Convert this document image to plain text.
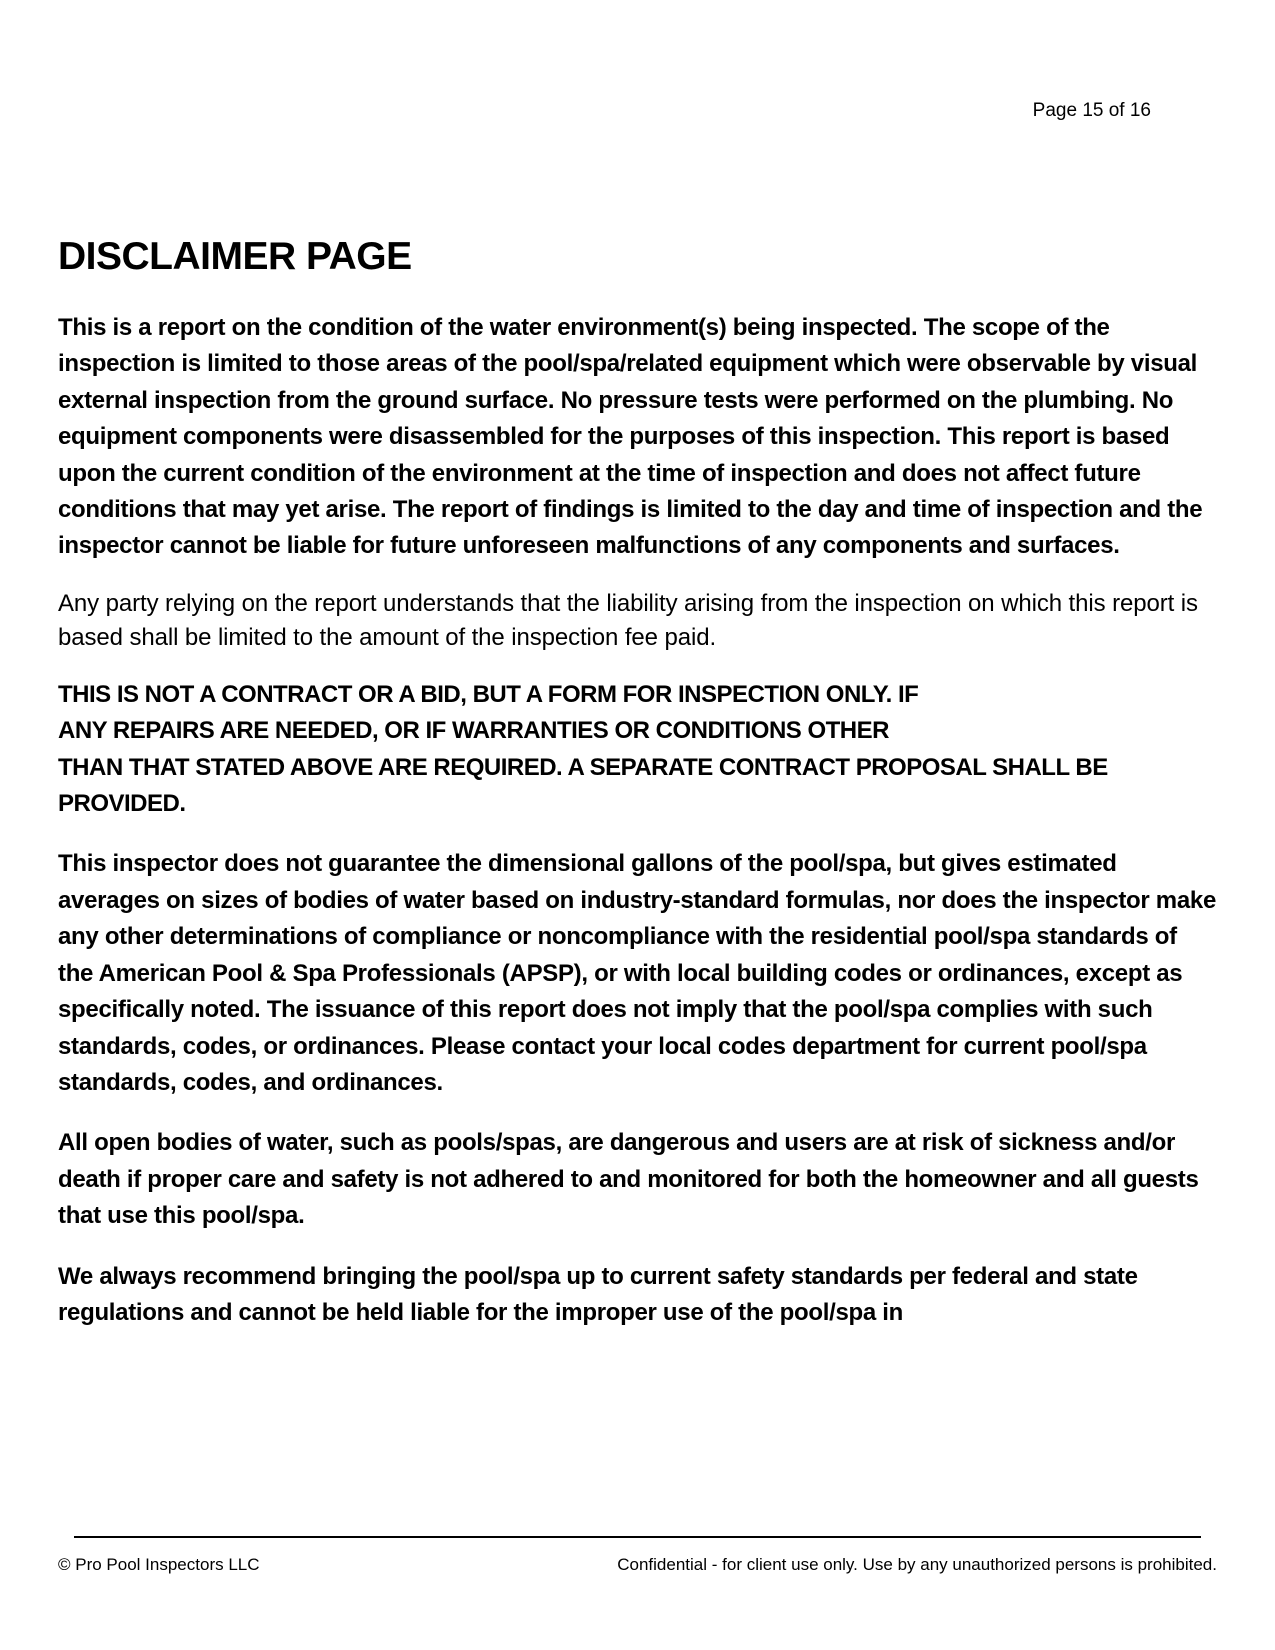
Page 15 of 16
DISCLAIMER PAGE

This is a report on the condition of the water environment(s) being inspected. The scope of the inspection is limited to those areas of the pool/spa/related equipment which were observable by visual external inspection from the ground surface. No pressure tests were performed on the plumbing. No equipment components were disassembled for the purposes of this inspection. This report is based upon the current condition of the environment at the time of inspection and does not affect future conditions that may yet arise. The report of findings is limited to the day and time of inspection and the inspector cannot be liable for future unforeseen malfunctions of any components and surfaces.

Any party relying on the report understands that the liability arising from the inspection on which this report is based shall be limited to the amount of the inspection fee paid.

THIS IS NOT A CONTRACT OR A BID, BUT A FORM FOR INSPECTION ONLY. IF
ANY REPAIRS ARE NEEDED, OR IF WARRANTIES OR CONDITIONS OTHER
THAN THAT STATED ABOVE ARE REQUIRED. A SEPARATE CONTRACT PROPOSAL SHALL BE
PROVIDED.

This inspector does not guarantee the dimensional gallons of the pool/spa, but gives estimated averages on sizes of bodies of water based on industry-standard formulas, nor does the inspector make any other determinations of compliance or noncompliance with the residential pool/spa standards of the American Pool & Spa Professionals (APSP), or with local building codes or ordinances, except as specifically noted. The issuance of this report does not imply that the pool/spa complies with such standards, codes, or ordinances. Please contact your local codes department for current pool/spa standards, codes, and ordinances.

All open bodies of water, such as pools/spas, are dangerous and users are at risk of sickness and/or death if proper care and safety is not adhered to and monitored for both the homeowner and all guests that use this pool/spa.

We always recommend bringing the pool/spa up to current safety standards per federal and state regulations and cannot be held liable for the improper use of the pool/spa in

© Pro Pool Inspectors LLC	Confidential - for client use only. Use by any unauthorized persons is prohibited.
